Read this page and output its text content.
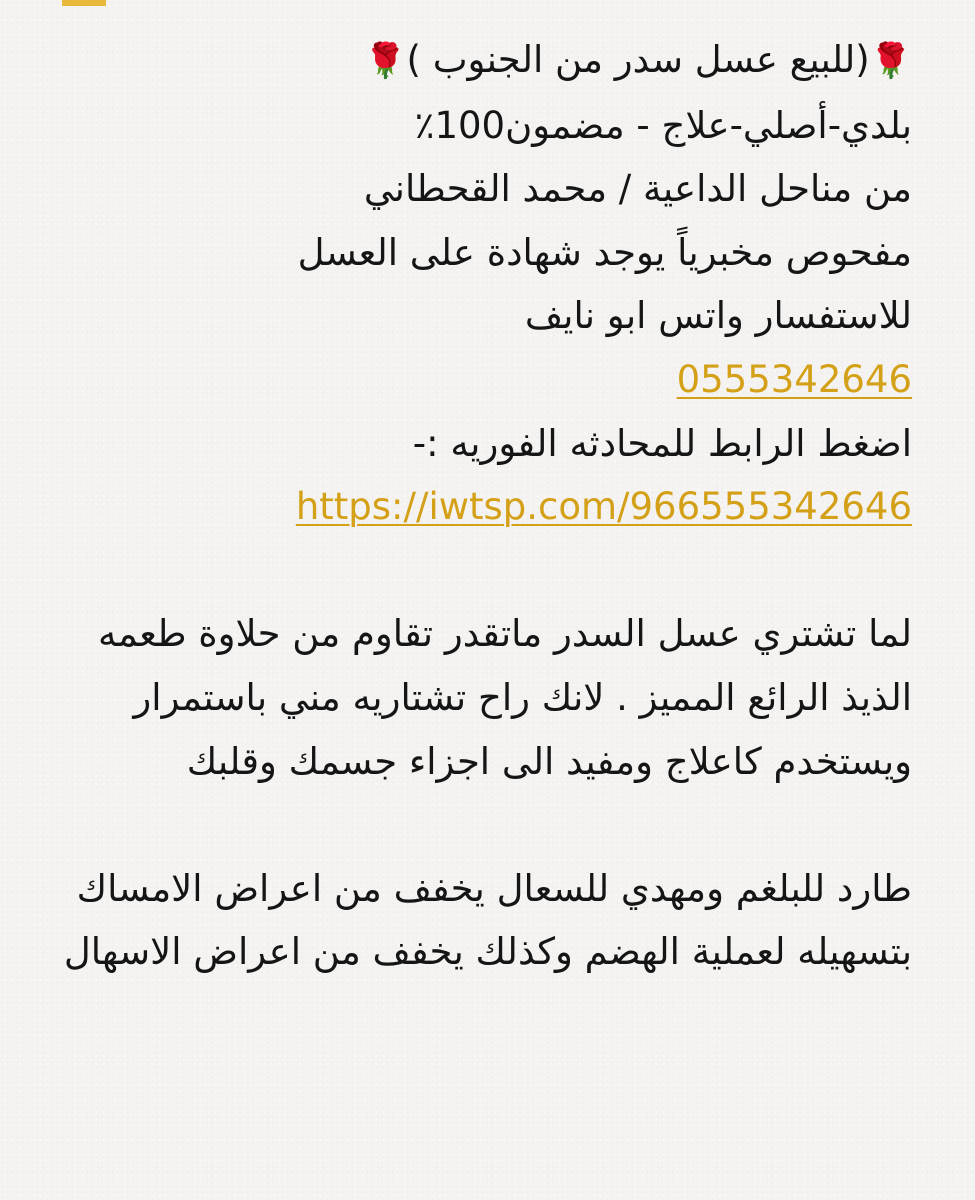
🌹(للبيع عسل سدر من الجنوب )🌹
بلدي-أصلي-علاج - مضمون100٪
من مناحل الداعية / محمد القحطاني
مفحوص مخبرياً يوجد شهادة على العسل
للاستفسار واتس ابو نايف
0555342646
اضغط الرابط للمحادثه الفوريه :-
https://iwtsp.com/966555342646
لما تشتري عسل السدر ماتقدر تقاوم من حلاوة طعمه الذيذ الرائع المميز . لانك راح تشتاريه مني باستمرار ويستخدم كاعلاج ومفيد الى اجزاء جسمك وقلبك
طارد للبلغم ومهدي للسعال يخفف من اعراض الامساك بتسهيله لعملية الهضم وكذلك يخفف من اعراض الاسهال
